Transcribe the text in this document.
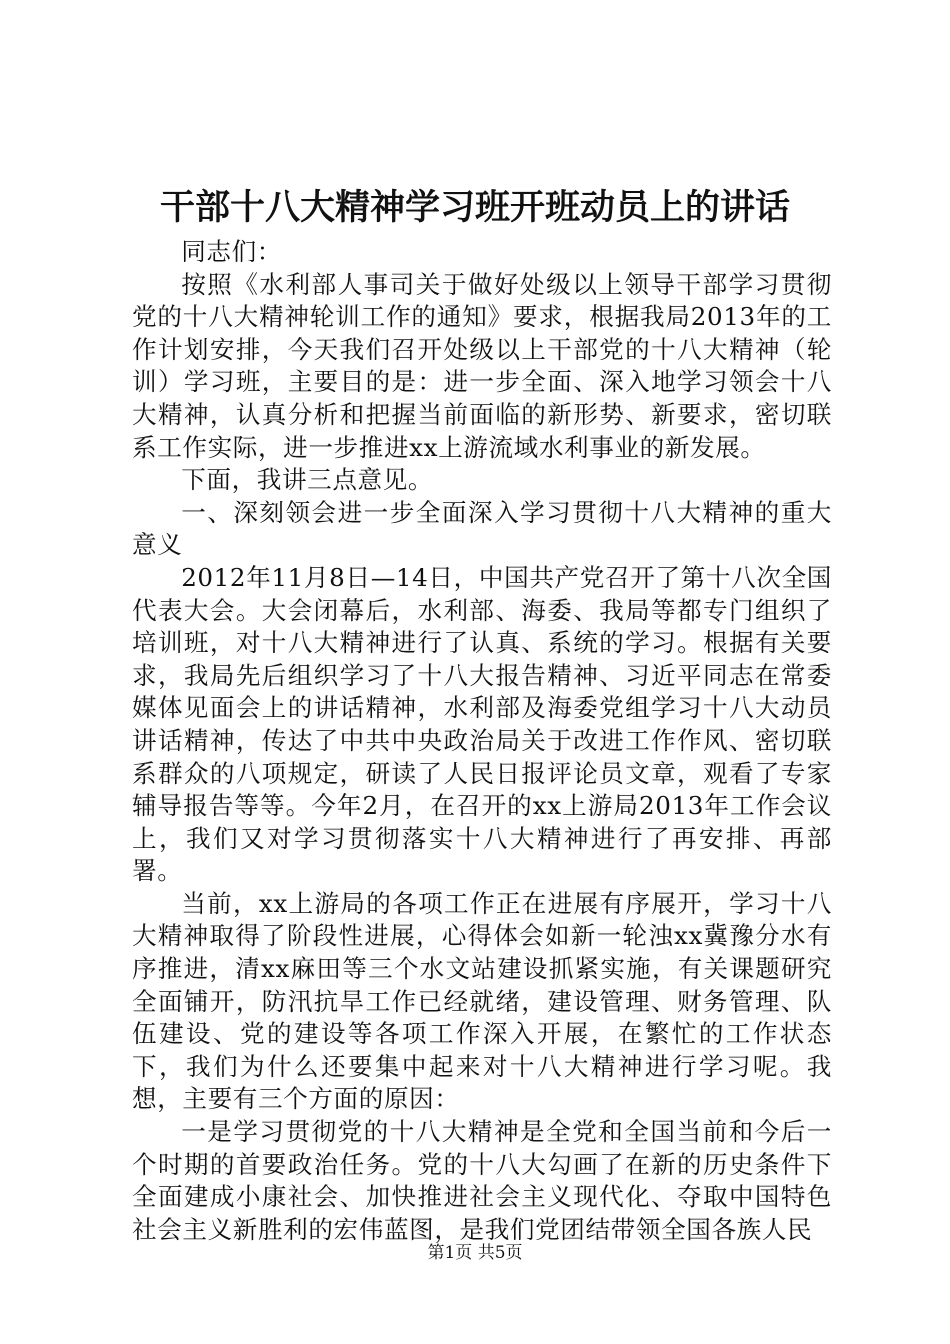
干部十八大精神学习班开班动员上的讲话

同志们：

按照《水利部人事司关于做好处级以上领导干部学习贯彻党的十八大精神轮训工作的通知》要求，根据我局2013年的工作计划安排，今天我们召开处级以上干部党的十八大精神（轮训）学习班，主要目的是：进一步全面、深入地学习领会十八大精神，认真分析和把握当前面临的新形势、新要求，密切联系工作实际，进一步推进xx上游流域水利事业的新发展。

下面，我讲三点意见。

一、深刻领会进一步全面深入学习贯彻十八大精神的重大意义

2012年11月8日—14日，中国共产党召开了第十八次全国代表大会。大会闭幕后，水利部、海委、我局等都专门组织了培训班，对十八大精神进行了认真、系统的学习。根据有关要求，我局先后组织学习了十八大报告精神、习近平同志在常委媒体见面会上的讲话精神，水利部及海委党组学习十八大动员讲话精神，传达了中共中央政治局关于改进工作作风、密切联系群众的八项规定，研读了人民日报评论员文章，观看了专家辅导报告等等。今年2月，在召开的xx上游局2013年工作会议上，我们又对学习贯彻落实十八大精神进行了再安排、再部署。

当前，xx上游局的各项工作正在进展有序展开，学习十八大精神取得了阶段性进展，心得体会如新一轮浊xx冀豫分水有序推进，清xx麻田等三个水文站建设抓紧实施，有关课题研究全面铺开，防汛抗旱工作已经就绪，建设管理、财务管理、队伍建设、党的建设等各项工作深入开展，在繁忙的工作状态下，我们为什么还要集中起来对十八大精神进行学习呢。我想，主要有三个方面的原因：

一是学习贯彻党的十八大精神是全党和全国当前和今后一个时期的首要政治任务。党的十八大勾画了在新的历史条件下全面建成小康社会、加快推进社会主义现代化、夺取中国特色社会主义新胜利的宏伟蓝图，是我们党团结带领全国各族人民

第1页 共5页
